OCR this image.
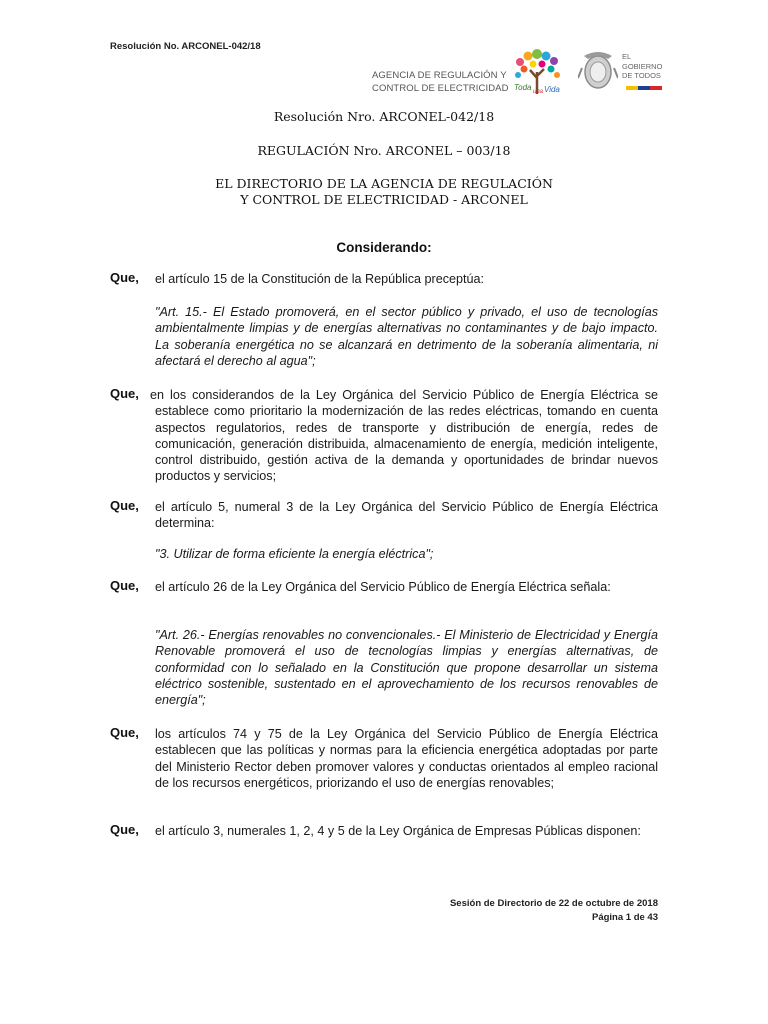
Resolución No. ARCONEL-042/18
AGENCIA DE REGULACIÓN Y
CONTROL DE ELECTRICIDAD Toda una Vida
EL
GOBIERNO
DE TODOS
Resolución Nro. ARCONEL-042/18
REGULACIÓN Nro. ARCONEL – 003/18
EL DIRECTORIO DE LA AGENCIA DE REGULACIÓN
Y CONTROL DE ELECTRICIDAD - ARCONEL
Considerando:
Que, el artículo 15 de la Constitución de la República preceptúa:
"Art. 15.- El Estado promoverá, en el sector público y privado, el uso de tecnologías ambientalmente limpias y de energías alternativas no contaminantes y de bajo impacto. La soberanía energética no se alcanzará en detrimento de la soberanía alimentaria, ni afectará el derecho al agua";
Que, en los considerandos de la Ley Orgánica del Servicio Público de Energía Eléctrica se establece como prioritario la modernización de las redes eléctricas, tomando en cuenta aspectos regulatorios, redes de transporte y distribución de energía, redes de comunicación, generación distribuida, almacenamiento de energía, medición inteligente, control distribuido, gestión activa de la demanda y oportunidades de brindar nuevos productos y servicios;
Que, el artículo 5, numeral 3 de la Ley Orgánica del Servicio Público de Energía Eléctrica determina:
"3. Utilizar de forma eficiente la energía eléctrica";
Que, el artículo 26 de la Ley Orgánica del Servicio Público de Energía Eléctrica señala:
"Art. 26.- Energías renovables no convencionales.- El Ministerio de Electricidad y Energía Renovable promoverá el uso de tecnologías limpias y energías alternativas, de conformidad con lo señalado en la Constitución que propone desarrollar un sistema eléctrico sostenible, sustentado en el aprovechamiento de los recursos renovables de energía";
Que, los artículos 74 y 75 de la Ley Orgánica del Servicio Público de Energía Eléctrica establecen que las políticas y normas para la eficiencia energética adoptadas por parte del Ministerio Rector deben promover valores y conductas orientados al empleo racional de los recursos energéticos, priorizando el uso de energías renovables;
Que, el artículo 3, numerales 1, 2, 4 y 5 de la Ley Orgánica de Empresas Públicas disponen:
Sesión de Directorio de 22 de octubre de 2018
Página 1 de 43
